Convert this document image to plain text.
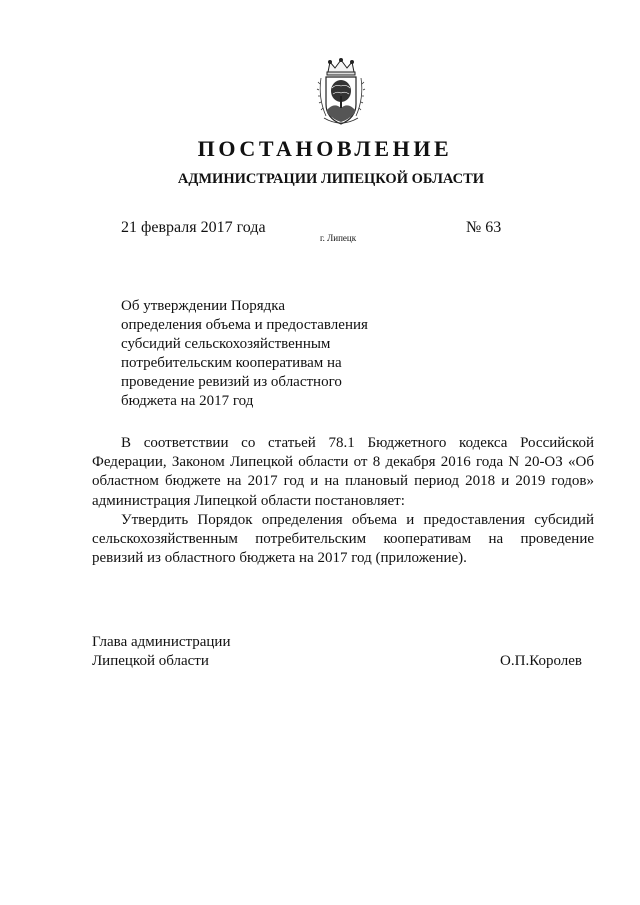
ПОСТАНОВЛЕНИЕ
АДМИНИСТРАЦИИ ЛИПЕЦКОЙ ОБЛАСТИ
21 февраля 2017 года
г. Липецк
№ 63
Об утверждении Порядка
определения объема и предоставления
субсидий сельскохозяйственным
потребительским кооперативам на
проведение ревизий из областного
бюджета на 2017 год

В соответствии со статьей 78.1 Бюджетного кодекса Российской Федерации, Законом Липецкой области от 8 декабря 2016 года N 20-ОЗ «Об областном бюджете на 2017 год и на плановый период 2018 и 2019 годов» администрация Липецкой области постановляет:

Утвердить Порядок определения объема и предоставления субсидий сельскохозяйственным потребительским кооперативам на проведение ревизий из областного бюджета на 2017 год (приложение).

Глава администрации
Липецкой области	О.П.Королев
